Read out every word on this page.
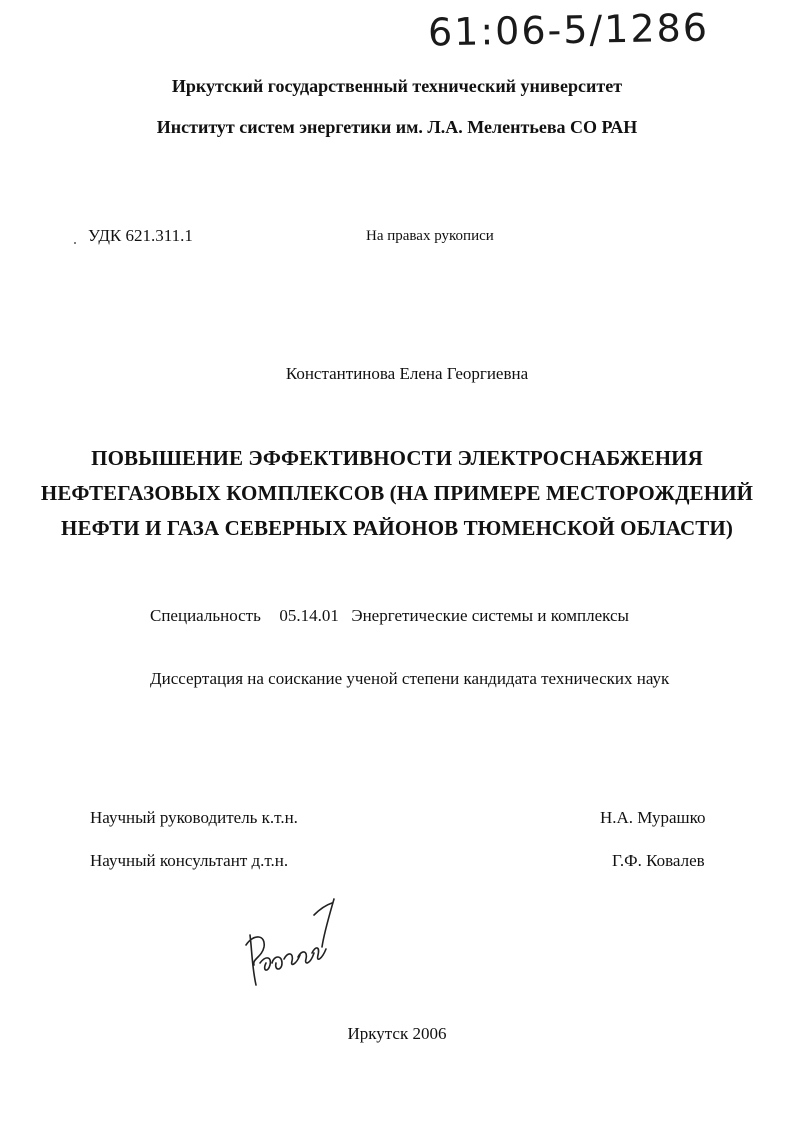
61:06-5/1286
Иркутский государственный технический университет
Институт систем энергетики им. Л.А. Мелентьева СО РАН
УДК 621.311.1	На правах рукописи
Константинова Елена Георгиевна
ПОВЫШЕНИЕ ЭФФЕКТИВНОСТИ ЭЛЕКТРОСНАБЖЕНИЯ
НЕФТЕГАЗОВЫХ КОМПЛЕКСОВ (НА ПРИМЕРЕ МЕСТОРОЖДЕНИЙ
НЕФТИ И ГАЗА СЕВЕРНЫХ РАЙОНОВ ТЮМЕНСКОЙ ОБЛАСТИ)
Специальность 05.14.01 Энергетические системы и комплексы
Диссертация на соискание ученой степени кандидата технических наук
Научный руководитель к.т.н.	Н.А. Мурашко
Научный консультант д.т.н.	Г.Ф. Ковалев
Иркутск 2006
